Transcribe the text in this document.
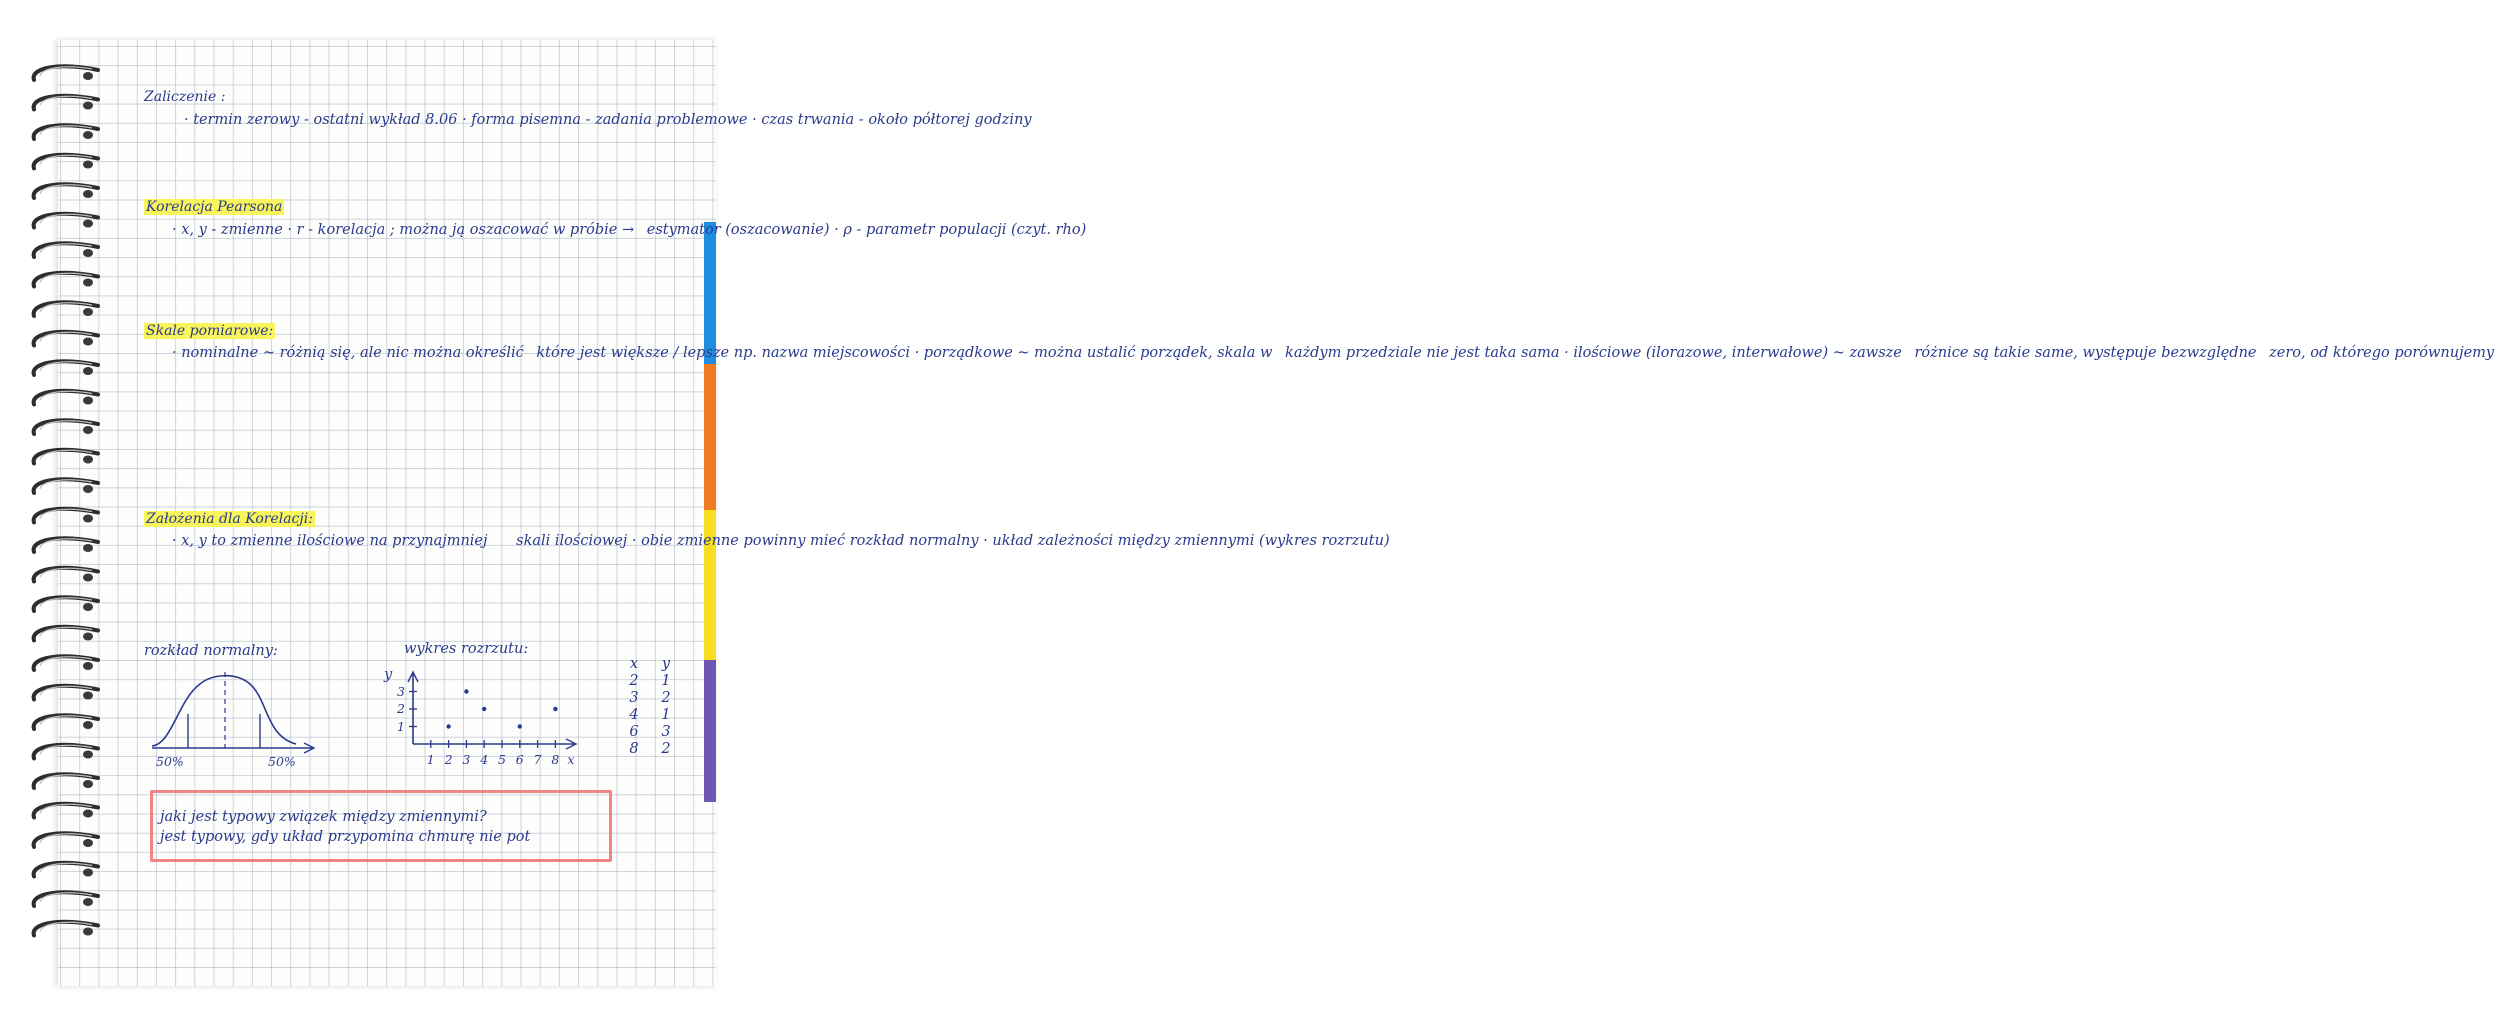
Zaliczenie :
· termin zerowy - ostatni wykład 8.06 · forma pisemna - zadania problemowe · czas trwania - około półtorej godziny
Korelacja Pearsona
· x, y - zmienne · r - korelacja ; można ją oszacować w próbie → estymator (oszacowanie) · ρ - parametr populacji (czyt. rho)
Skale pomiarowe:
· nominalne ~ różnią się, ale nic można określić które jest większe / lepsze np. nazwa miejscowości · porządkowe ~ można ustalić porządek, skala w każdym przedziale nie jest taka sama · ilościowe (ilorazowe, interwałowe) ~ zawsze różnice są takie same, występuje bezwzględne zero, od którego porównujemy
Założenia dla Korelacji:
· x, y to zmienne ilościowe na przynajmniej skali ilościowej · obie zmienne powinny mieć rozkład normalny · układ zależności między zmiennymi (wykres rozrzutu)
rozkład normalny:	wykres rozrzutu:
50%	50%
y
1 2 3 4 5 6 7 8 x
1
2
3
x
2
3
4
6
8
y
1
2
1
3
2
jaki jest typowy związek między zmiennymi?
jest typowy, gdy układ przypomina chmurę nie pot
